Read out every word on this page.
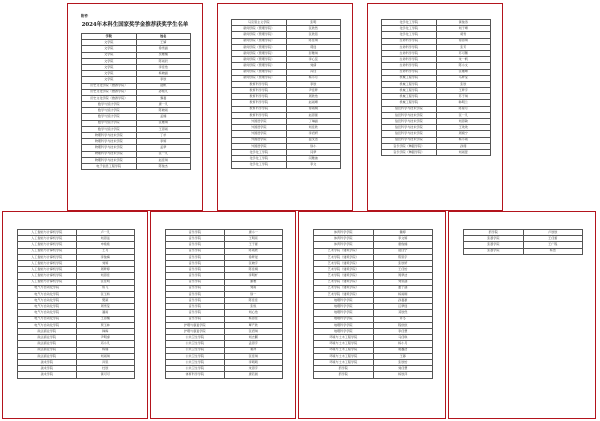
附件
2024年本科生国家奖学金推荐获奖学生名单
学院	姓名
文学院	王婧
文学院	徐雪涵
文学院	吴雅楠
文学院	陈雨辰
文学院	李佳怡
文学院	杨晓涵
文学院	李欣
历史文化学院（旅游学院）	赵帆
历史文化学院（旅游学院）	孙艳凡
历史文化学院（旅游学院）	黎嘉
数学与统计学院	唐一凡
数学与统计学院	陈晓雨
数学与统计学院	孟楠
数学与统计学院	张雅琪
数学与统计学院	王思雨
物理科学与技术学院	丁杉
物理科学与技术学院	李婷
物理科学与技术学院	孟梦
物理科学与技术学院	张一凡
物理科学与技术学院	赵佳琪
电子信息工程学院	陈俊杰
马克思主义学院	张明
新闻学院（管理学院）	张欣然
新闻学院（管理学院）	张欣茹
新闻学院（管理学院）	陈佳琪
新闻学院（管理学院）	郭瑶
新闻学院（管理学院）	彭雅琪
新闻学院（管理学院）	李心蕊
新闻学院（管理学院）	刘倩
新闻学院（管理学院）	冯佳
新闻学院（管理学院）	杨小月
教育科学学院	李欣
教育科学学院	尹佳梦
教育科学学院	周欣怡
教育科学学院	赵雨晴
教育科学学院	徐雨桐
教育科学学院	赵思蕾
外国语学院	丁琳涵
外国语学院	刘佳欣
外国语学院	李君妍
外国语学院	温文洁
外国语学院	徐小
化学化工学院	闫梦
化学化工学院	闫雅迪
化学化工学院	李文
化学化工学院	黄俊涛
化学化工学院	刘子晴
化学化工学院	胡雪
生命科学学院	徐思琪
生命科学学院	张芳
生命科学学院	苏可馨
生命科学学院	朱一帆
生命科学学院	陈小文
生命科学学院	张楷晴
机械工程学院	马梦莹
机械工程学院	张欣
机械工程学院	王梦宇
机械工程学院	苏子琪
机械工程学院	韩明兰
信息科学与技术学院	陈星月
信息科学与技术学院	张一凡
信息科学与技术学院	刘思敏
信息科学与技术学院	王欢欢
信息科学与技术学院	周婉宁
信息科学与技术学院	杨小雨
音乐学院（舞蹈学院）	孙翔
音乐学院（舞蹈学院）	刘雨萱
人工智能与计算机学院	卢一凡
人工智能与计算机学院	刘思远
人工智能与计算机学院	申艳艳
人工智能与计算机学院	王月
人工智能与计算机学院	李俊梅
人工智能与计算机学院	刘婷
人工智能与计算机学院	周梦婷
人工智能与计算机学院	刘思佳
人工智能与计算机学院	张佳明
电气与自动化学院	陈飞
电气与自动化学院	张玉娇
电气与自动化学院	樊颖
电气与自动化学院	周雪莹
电气与自动化学院	潘雨
电气与自动化学院	王思楠
电气与自动化学院	贾玉林
政法商业学院	韩梅
政法商业学院	尹明睿
政法商业学院	邓小凡
政法商业学院	杨瑞
政法商业学院	刘雨琪
美术学院	肖思
美术学院	杜欣
美术学院	黄可可
音乐学院	唐小一
音乐学院	王明亮
音乐学院	王子豪
音乐学院	陈雨欣
音乐学院	徐梦瑶
音乐学院	张晓宇
音乐学院	陈佳桐
音乐学院	李明轩
音乐学院	谢雅
音乐学院	刘雨
音乐学院	徐一
音乐学院	陈佳佳
音乐学院	张悦
音乐学院	刘心怡
音乐学院	杨思佳
护理与康复学院	覃产欣
护理与康复学院	张君琪
公共卫生学院	刘志鹏
公共卫生学院	孟思宇
公共卫生学院	秦祥
公共卫生学院	张佳琪
公共卫生学院	李萌萌
公共卫生学院	朱思宇
体育科学学院	唐若晨
体育科学学院	魏婷
体育科学学院	李文婷
体育科学学院	唐俊楠
艺术学院（建筑学院）	赵佳宁
艺术学院（建筑学院）	陈思宇
艺术学院（建筑学院）	张欣妍
艺术学院（建筑学院）	王佳怡
艺术学院（建筑学院）	周梦洁
艺术学院（建筑学院）	刘思涵
艺术学院（建筑学院）	董子涵
艺术学院（建筑学院）	杨雨桐
地理科学学院	孙嘉豪
地理科学学院	汪梦瑶
地理科学学院	邓欣然
地理科学学院	许冬
地理科学学院	程依依
地理科学学院	李佳慧
环境与土木工程学院	马佳琪
环境与土木工程学院	杨小月
环境与土木工程学院	葛鑫洁
环境与土木工程学院	王蓉
环境与土木工程学院	张欣怡
药学院	刘佳慧
药学院	杨欣萍
药学院	卢欣欣
张謇学院	王佳蕾
张謇学院	王广程
张謇学院	杨浩
